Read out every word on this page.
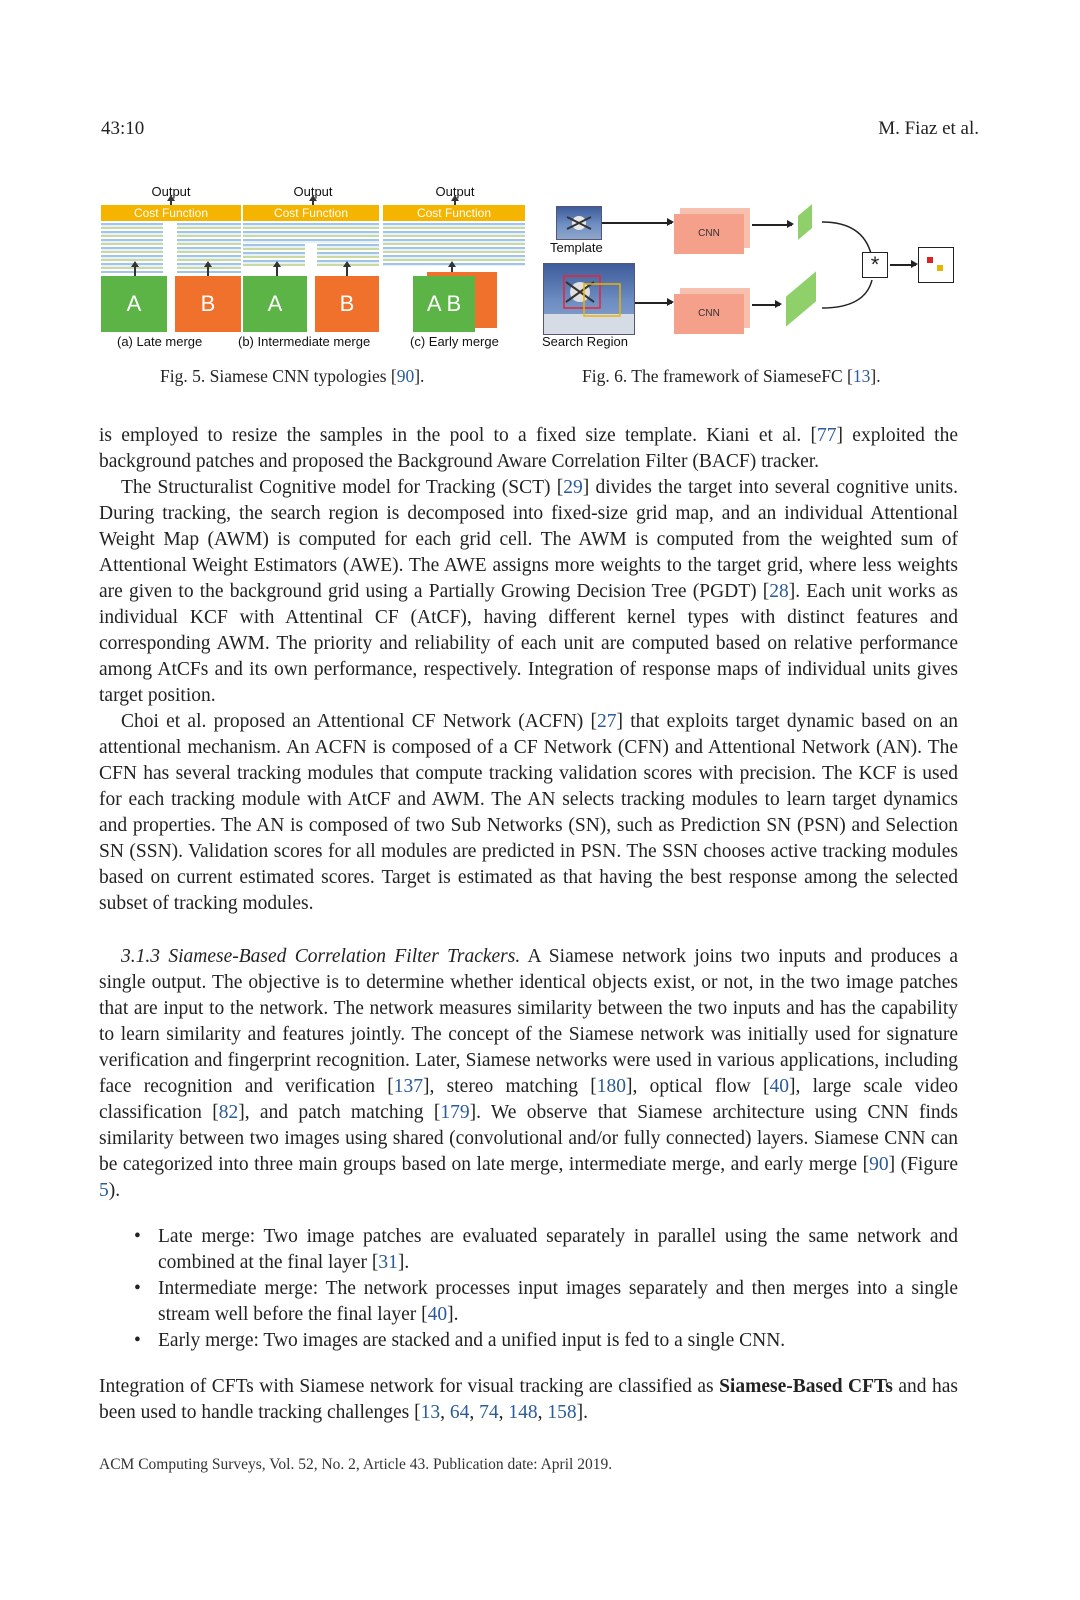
43:10	M. Fiaz et al.
Output
Cost Function
A	B
(a) Late merge
Output
Cost Function
A	B
(b) Intermediate merge
Output
Cost Function
A B
(c) Early merge
Fig. 5. Siamese CNN typologies [90].
Template
Search Region
CNN
CNN
*
Fig. 6. The framework of SiameseFC [13].

is employed to resize the samples in the pool to a fixed size template. Kiani et al. [77] exploited the background patches and proposed the Background Aware Correlation Filter (BACF) tracker.

The Structuralist Cognitive model for Tracking (SCT) [29] divides the target into several cognitive units. During tracking, the search region is decomposed into fixed-size grid map, and an individual Attentional Weight Map (AWM) is computed for each grid cell. The AWM is computed from the weighted sum of Attentional Weight Estimators (AWE). The AWE assigns more weights to the target grid, where less weights are given to the background grid using a Partially Growing Decision Tree (PGDT) [28]. Each unit works as individual KCF with Attentinal CF (AtCF), having different kernel types with distinct features and corresponding AWM. The priority and reliability of each unit are computed based on relative performance among AtCFs and its own performance, respectively. Integration of response maps of individual units gives target position.

Choi et al. proposed an Attentional CF Network (ACFN) [27] that exploits target dynamic based on an attentional mechanism. An ACFN is composed of a CF Network (CFN) and Attentional Network (AN). The CFN has several tracking modules that compute tracking validation scores with precision. The KCF is used for each tracking module with AtCF and AWM. The AN selects tracking modules to learn target dynamics and properties. The AN is composed of two Sub Networks (SN), such as Prediction SN (PSN) and Selection SN (SSN). Validation scores for all modules are predicted in PSN. The SSN chooses active tracking modules based on current estimated scores. Target is estimated as that having the best response among the selected subset of tracking modules.

3.1.3 Siamese-Based Correlation Filter Trackers. A Siamese network joins two inputs and produces a single output. The objective is to determine whether identical objects exist, or not, in the two image patches that are input to the network. The network measures similarity between the two inputs and has the capability to learn similarity and features jointly. The concept of the Siamese network was initially used for signature verification and fingerprint recognition. Later, Siamese networks were used in various applications, including face recognition and verification [137], stereo matching [180], optical flow [40], large scale video classification [82], and patch matching [179]. We observe that Siamese architecture using CNN finds similarity between two images using shared (convolutional and/or fully connected) layers. Siamese CNN can be categorized into three main groups based on late merge, intermediate merge, and early merge [90] (Figure 5).

• Late merge: Two image patches are evaluated separately in parallel using the same network and combined at the final layer [31].
• Intermediate merge: The network processes input images separately and then merges into a single stream well before the final layer [40].
• Early merge: Two images are stacked and a unified input is fed to a single CNN.

Integration of CFTs with Siamese network for visual tracking are classified as Siamese-Based CFTs and has been used to handle tracking challenges [13, 64, 74, 148, 158].

ACM Computing Surveys, Vol. 52, No. 2, Article 43. Publication date: April 2019.
